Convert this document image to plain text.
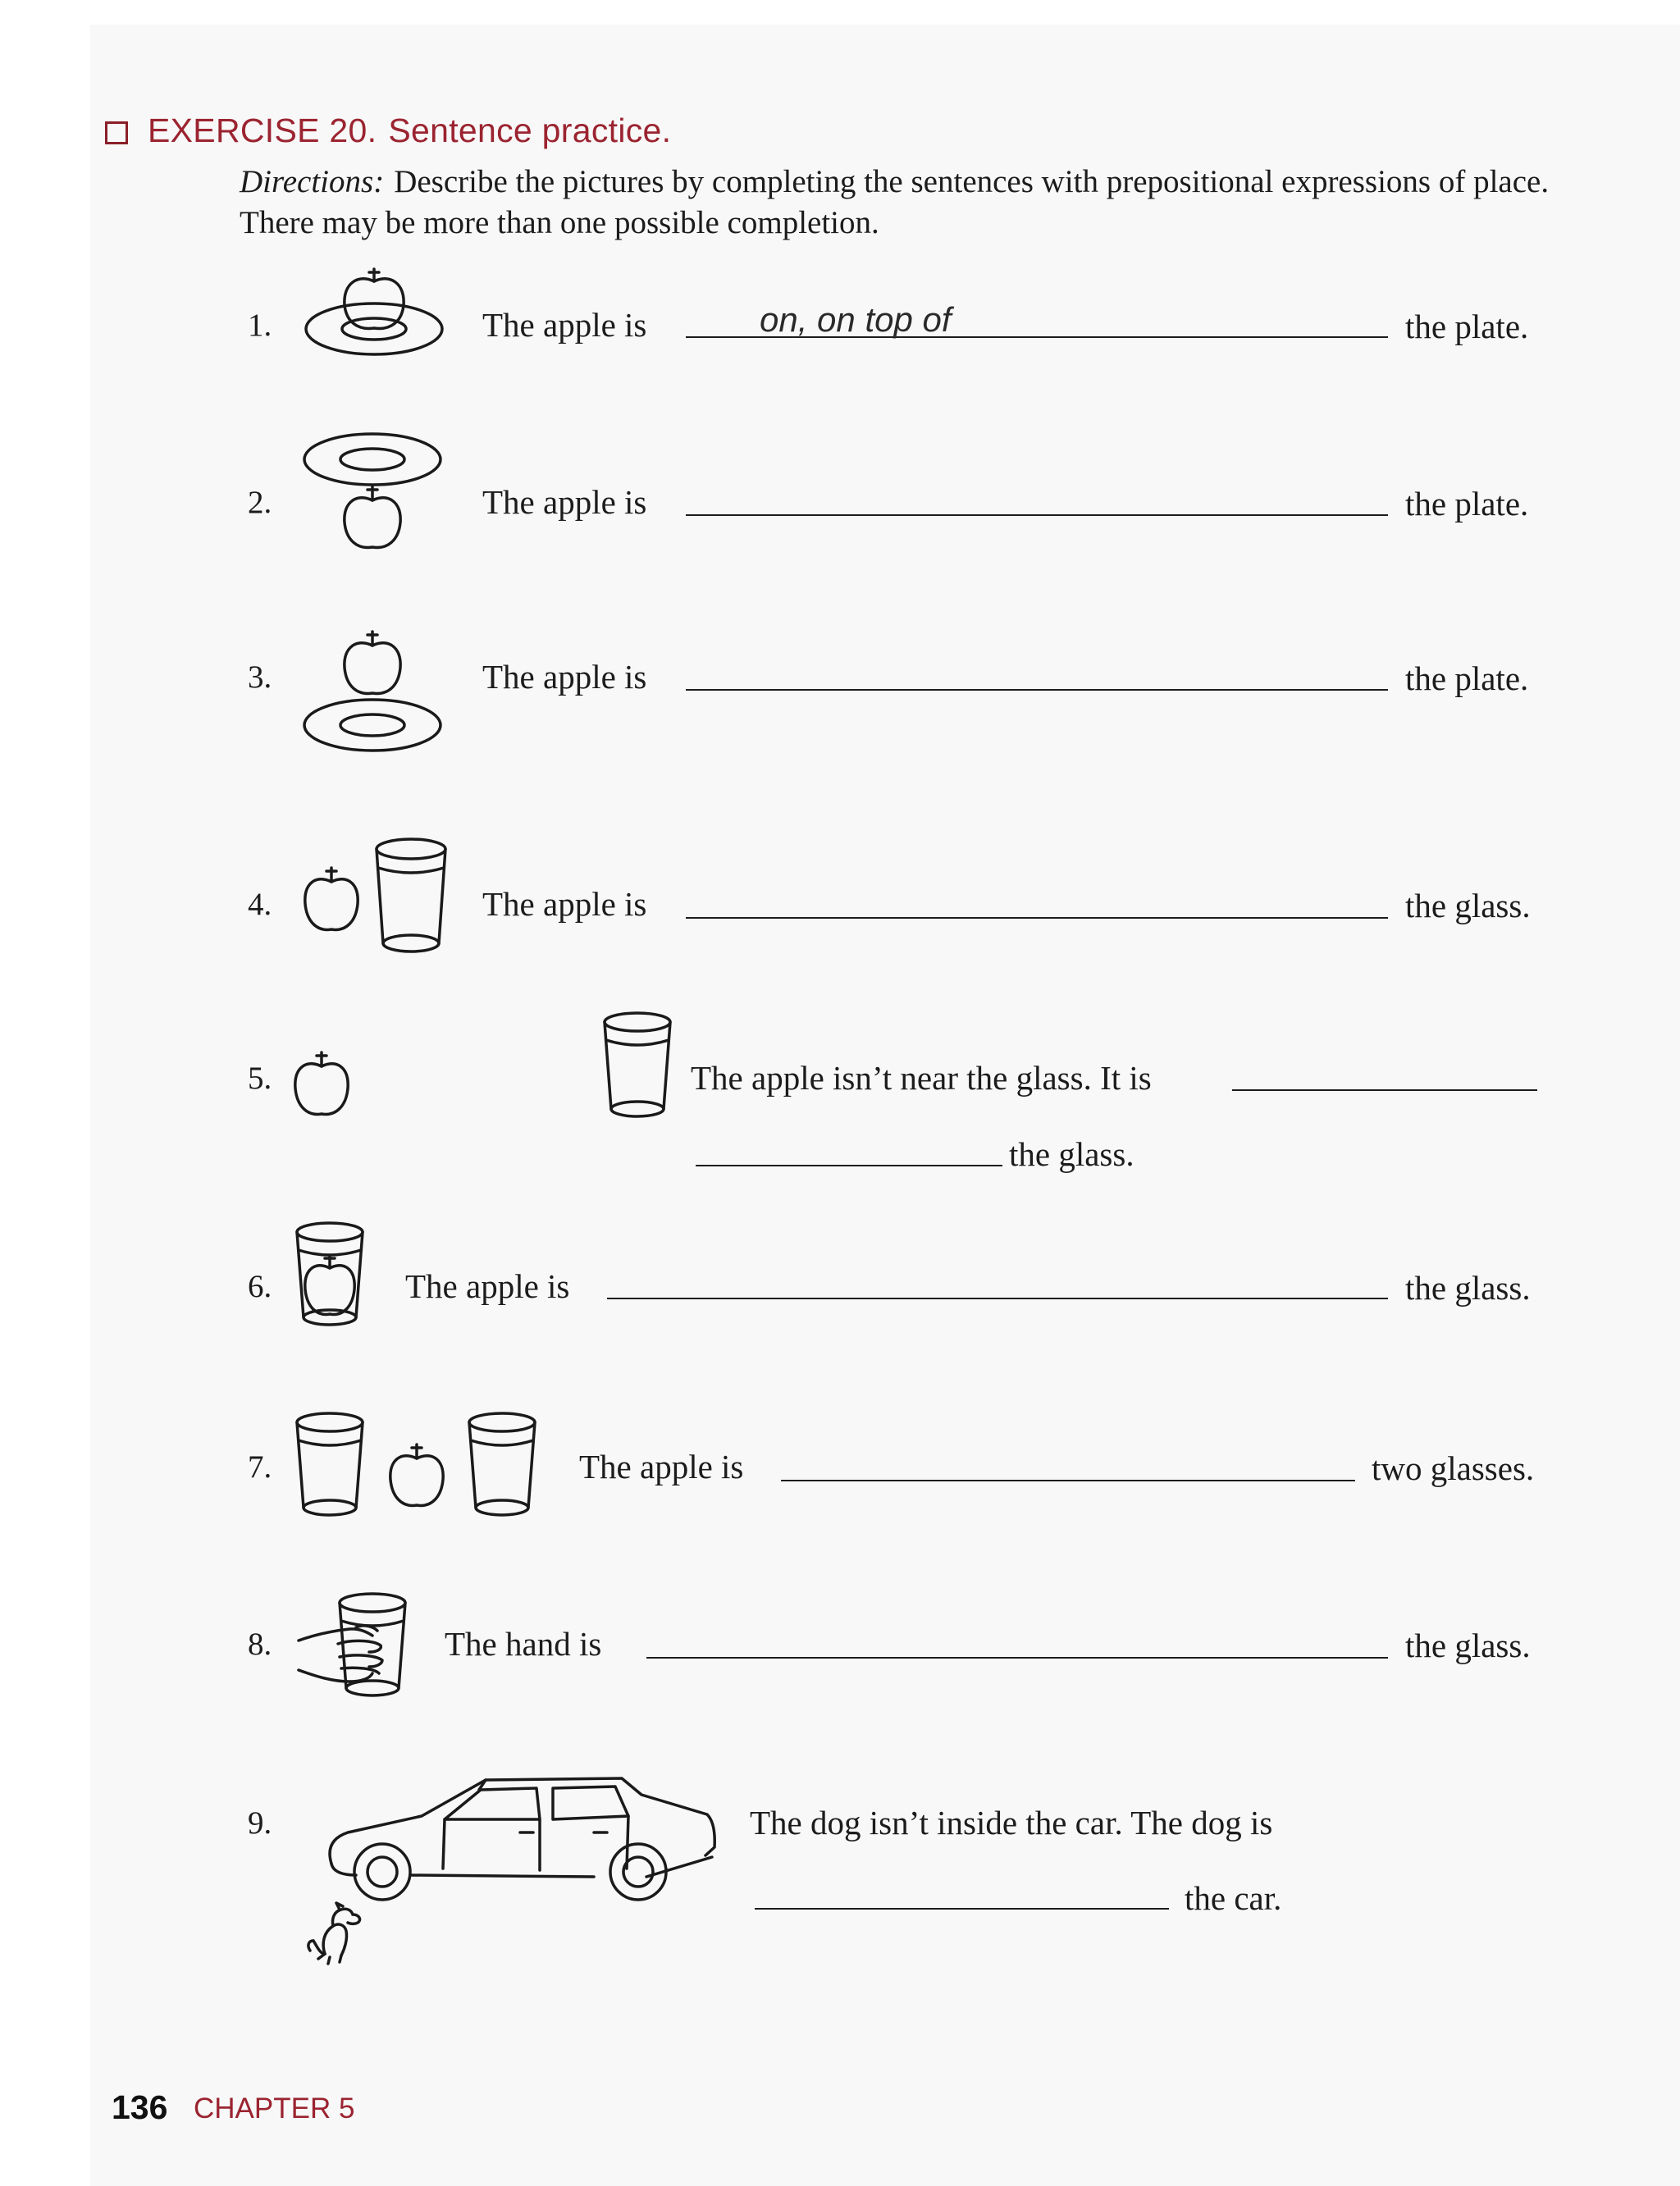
EXERCISE 20. Sentence practice.
Directions: Describe the pictures by completing the sentences with prepositional expressions of place. There may be more than one possible completion.
1.	The apple is	on, on top of	the plate.
2.	The apple is	the plate.
3.	The apple is	the plate.
4.	The apple is	the glass.
5.	The apple isn’t near the glass. It is
the glass.
6.	The apple is	the glass.
7.	The apple is	two glasses.
8.	The hand is	the glass.
9.	The dog isn’t inside the car. The dog is
the car.
136 CHAPTER 5
